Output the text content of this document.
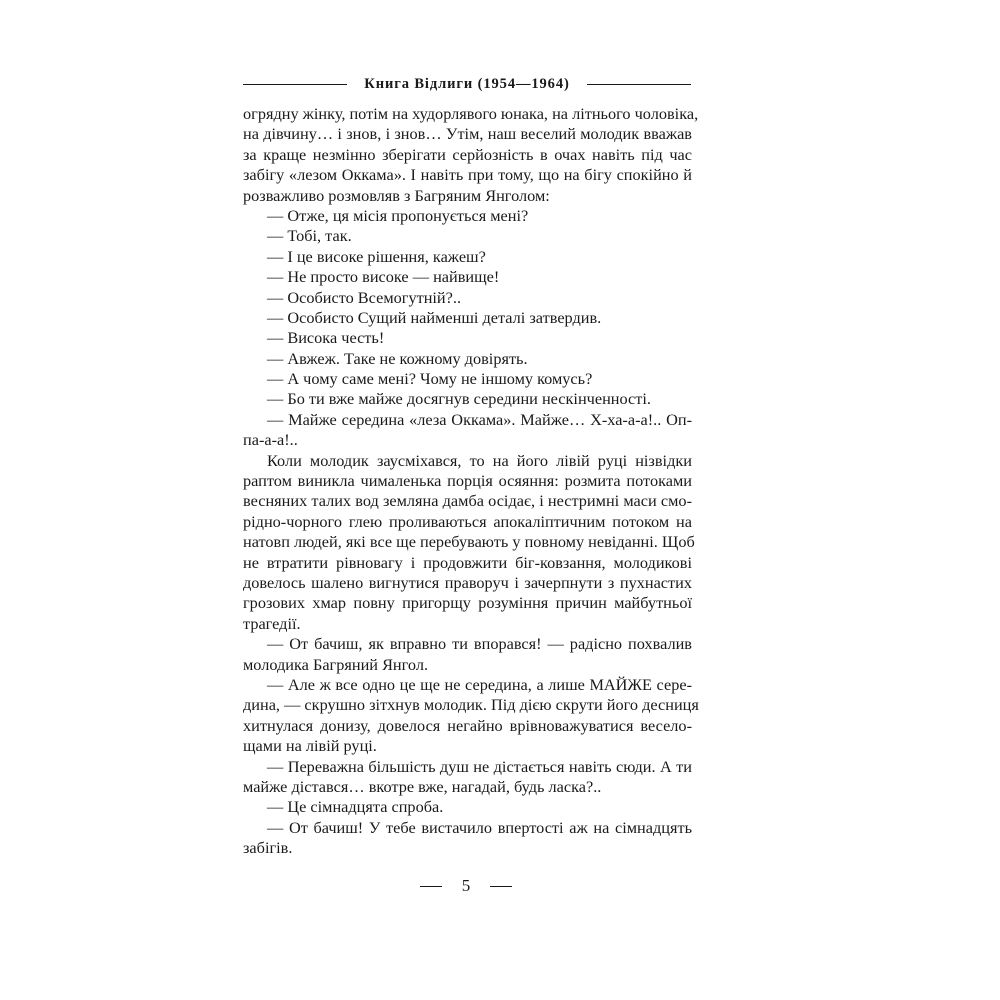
Книга Відлиги (1954—1964)
огрядну жінку, потім на худорлявого юнака, на літнього чоловіка,
на дівчину… і знов, і знов… Утім, наш веселий молодик вважав
за краще незмінно зберігати серйозність в очах навіть під час
забігу «лезом Оккама». І навіть при тому, що на бігу спокійно й
розважливо розмовляв з Багряним Янголом:
— Отже, ця місія пропонується мені?
— Тобі, так.
— І це високе рішення, кажеш?
— Не просто високе — найвище!
— Особисто Всемогутній?..
— Особисто Сущий найменші деталі затвердив.
— Висока честь!
— Авжеж. Таке не кожному довірять.
— А чому саме мені? Чому не іншому комусь?
— Бо ти вже майже досягнув середини нескінченності.
— Майже середина «леза Оккама». Майже… Х-ха-а-а!.. Оп-
па-а-а!..
Коли молодик заусміхався, то на його лівій руці нізвідки
раптом виникла чималенька порція осяяння: розмита потоками
весняних талих вод земляна дамба осідає, і нестримні маси смо-
рідно-чорного глею проливаються апокаліптичним потоком на
натовп людей, які все ще перебувають у повному невіданні. Щоб
не втратити рівновагу і продовжити біг-ковзання, молодикові
довелось шалено вигнутися праворуч і зачерпнути з пухнастих
грозових хмар повну пригорщу розуміння причин майбутньої
трагедії.
— От бачиш, як вправно ти впорався! — радісно похвалив
молодика Багряний Янгол.
— Але ж все одно це ще не середина, а лише МАЙЖЕ сере-
дина, — скрушно зітхнув молодик. Під дією скрути його десниця
хитнулася донизу, довелося негайно врівноважуватися весело-
щами на лівій руці.
— Переважна більшість душ не дістається навіть сюди. А ти
майже дістався… вкотре вже, нагадай, будь ласка?..
— Це сімнадцята спроба.
— От бачиш! У тебе вистачило впертості аж на сімнадцять
забігів.
5
